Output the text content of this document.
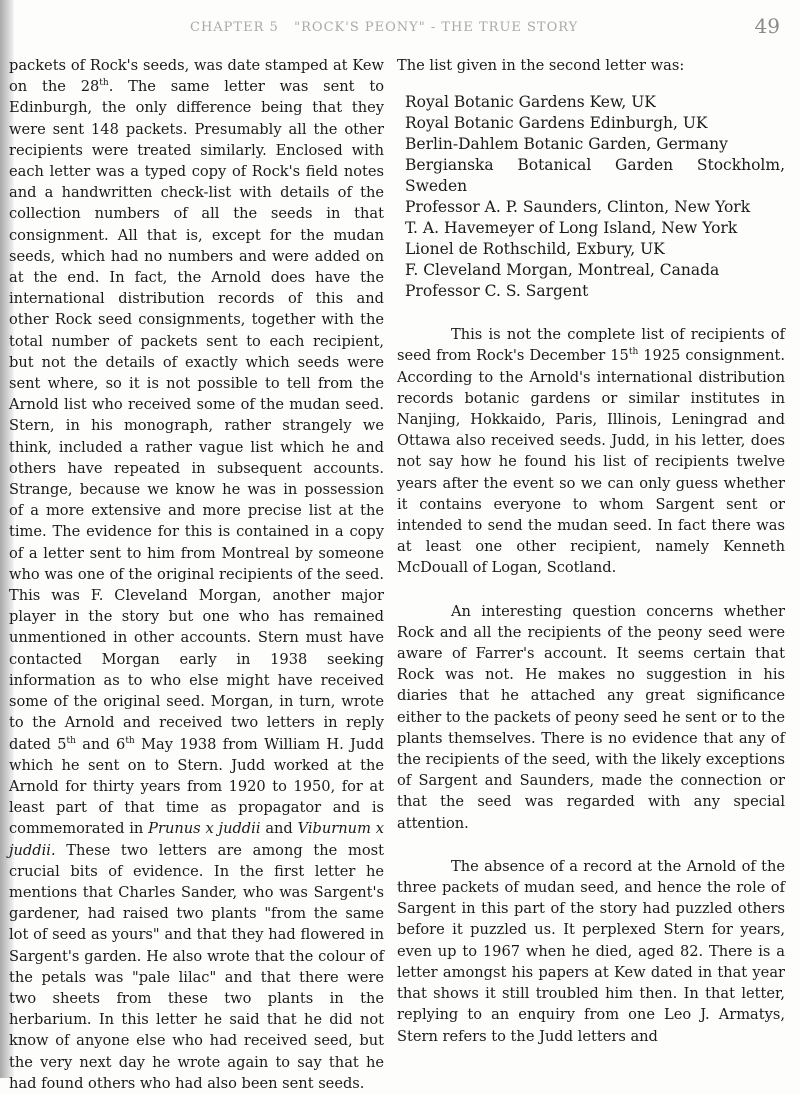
CHAPTER 5   "ROCK'S PEONY" - THE TRUE STORY	49

packets of Rock's seeds, was date stamped at Kew on the 28th. The same letter was sent to Edinburgh, the only difference being that they were sent 148 packets. Presumably all the other recipients were treated similarly. Enclosed with each letter was a typed copy of Rock's field notes and a handwritten check-list with details of the collection numbers of all the seeds in that consignment. All that is, except for the mudan seeds, which had no numbers and were added on at the end. In fact, the Arnold does have the international distribution records of this and other Rock seed consignments, together with the total number of packets sent to each recipient, but not the details of exactly which seeds were sent where, so it is not possible to tell from the Arnold list who received some of the mudan seed. Stern, in his monograph, rather strangely we think, included a rather vague list which he and others have repeated in subsequent accounts. Strange, because we know he was in possession of a more extensive and more precise list at the time. The evidence for this is contained in a copy of a letter sent to him from Montreal by someone who was one of the original recipients of the seed. This was F. Cleveland Morgan, another major player in the story but one who has remained unmentioned in other accounts. Stern must have contacted Morgan early in 1938 seeking information as to who else might have received some of the original seed. Morgan, in turn, wrote to the Arnold and received two letters in reply dated 5th and 6th May 1938 from William H. Judd which he sent on to Stern. Judd worked at the Arnold for thirty years from 1920 to 1950, for at least part of that time as propagator and is commemorated in Prunus x juddii and Viburnum x juddii. These two letters are among the most crucial bits of evidence. In the first letter he mentions that Charles Sander, who was Sargent's gardener, had raised two plants "from the same lot of seed as yours" and that they had flowered in Sargent's garden. He also wrote that the colour of the petals was "pale lilac" and that there were two sheets from these two plants in the herbarium. In this letter he said that he did not know of anyone else who had received seed, but the very next day he wrote again to say that he had found others who had also been sent seeds.

The list given in the second letter was:

Royal Botanic Gardens Kew, UK
Royal Botanic Gardens Edinburgh, UK
Berlin-Dahlem Botanic Garden, Germany
Bergianska Botanical Garden Stockholm, Sweden
Professor A. P. Saunders, Clinton, New York
T. A. Havemeyer of Long Island, New York
Lionel de Rothschild, Exbury, UK
F. Cleveland Morgan, Montreal, Canada
Professor C. S. Sargent

This is not the complete list of recipients of seed from Rock's December 15th 1925 consignment. According to the Arnold's international distribution records botanic gardens or similar institutes in Nanjing, Hokkaido, Paris, Illinois, Leningrad and Ottawa also received seeds. Judd, in his letter, does not say how he found his list of recipients twelve years after the event so we can only guess whether it contains everyone to whom Sargent sent or intended to send the mudan seed. In fact there was at least one other recipient, namely Kenneth McDouall of Logan, Scotland.

An interesting question concerns whether Rock and all the recipients of the peony seed were aware of Farrer's account. It seems certain that Rock was not. He makes no suggestion in his diaries that he attached any great significance either to the packets of peony seed he sent or to the plants themselves. There is no evidence that any of the recipients of the seed, with the likely exceptions of Sargent and Saunders, made the connection or that the seed was regarded with any special attention.

The absence of a record at the Arnold of the three packets of mudan seed, and hence the role of Sargent in this part of the story had puzzled others before it puzzled us. It perplexed Stern for years, even up to 1967 when he died, aged 82. There is a letter amongst his papers at Kew dated in that year that shows it still troubled him then. In that letter, replying to an enquiry from one Leo J. Armatys, Stern refers to the Judd letters and
